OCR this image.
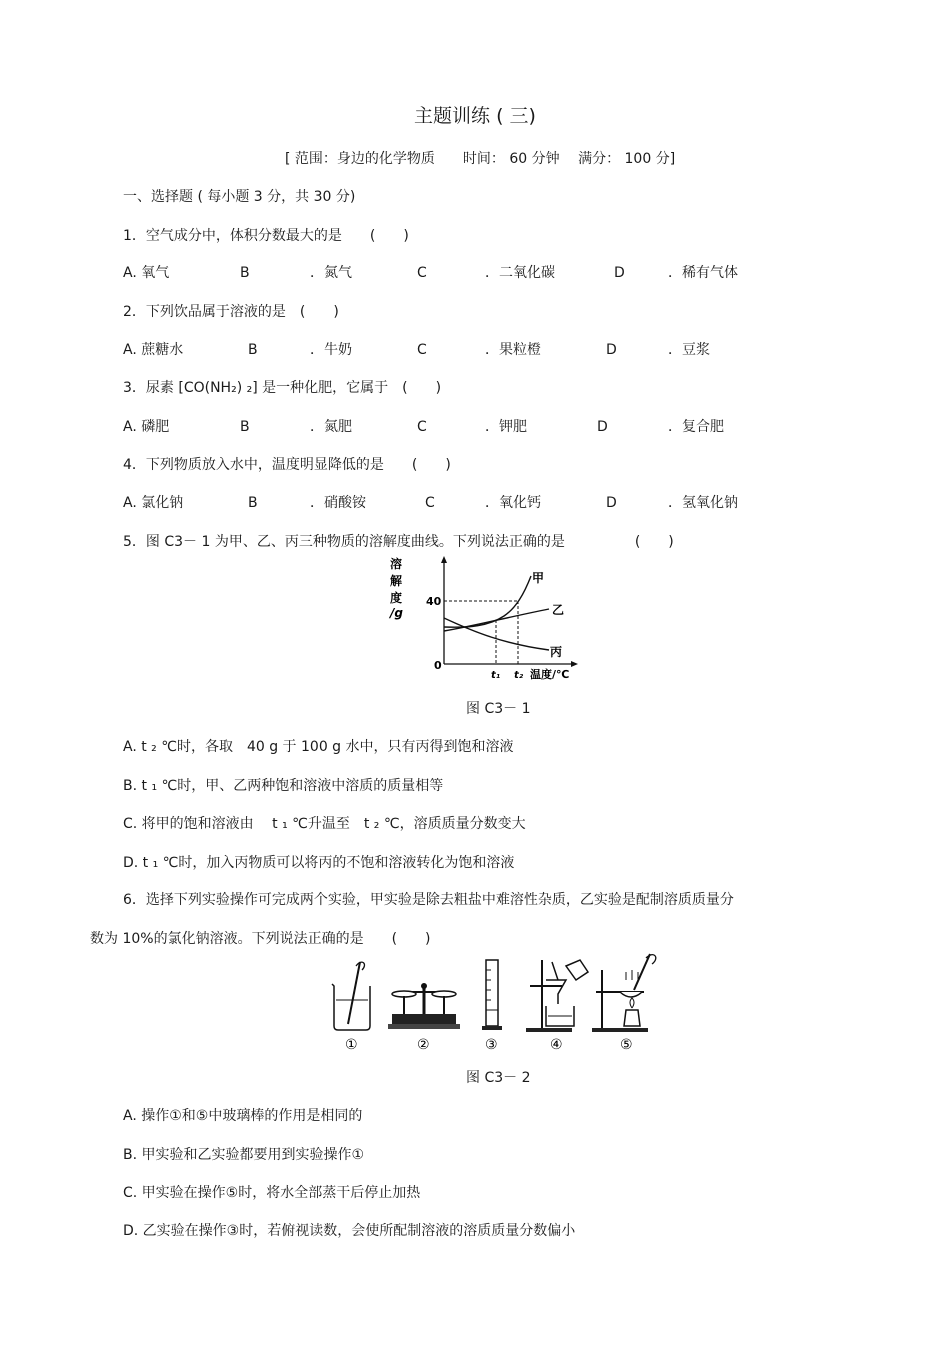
主题训练 ( 三)
[ 范围：身边的化学物质　　时间： 60 分钟　 满分： 100 分]
一、选择题 ( 每小题 3 分，共 30 分)
1．空气成分中，体积分数最大的是　　(　　)
A. 氧气	B	．氮气	C	．二氧化碳	D	．稀有气体
2．下列饮品属于溶液的是　(　　)
A. 蔗糖水	B	．牛奶	C	．果粒橙	D	．豆浆
3．尿素 [CO(NH₂) ₂] 是一种化肥，它属于　(　　)
A. 磷肥	B	．氮肥	C	．钾肥	D	．复合肥
4．下列物质放入水中，温度明显降低的是　　(　　)
A. 氯化钠	B	．硝酸铵	C	．氧化钙	D	．氢氧化钠
5．图 C3－ 1 为甲、乙、丙三种物质的溶解度曲线。下列说法正确的是　　　　　(　　)
溶
解
度
/g
40
0
甲
乙
丙
t₁ t₂ 温度/℃
图 C3－ 1
A. t ₂ ℃时，各取　40 g 于 100 g 水中，只有丙得到饱和溶液
B. t ₁ ℃时，甲、乙两种饱和溶液中溶质的质量相等
C. 将甲的饱和溶液由　 t ₁ ℃升温至　t ₂ ℃，溶质质量分数变大
D. t ₁ ℃时，加入丙物质可以将丙的不饱和溶液转化为饱和溶液
6．选择下列实验操作可完成两个实验，甲实验是除去粗盐中难溶性杂质，乙实验是配制溶质质量分
数为 10%的氯化钠溶液。下列说法正确的是　　(　　)
①	②	③	④	⑤
图 C3－ 2
A. 操作①和⑤中玻璃棒的作用是相同的
B. 甲实验和乙实验都要用到实验操作①
C. 甲实验在操作⑤时，将水全部蒸干后停止加热
D. 乙实验在操作③时，若俯视读数，会使所配制溶液的溶质质量分数偏小
